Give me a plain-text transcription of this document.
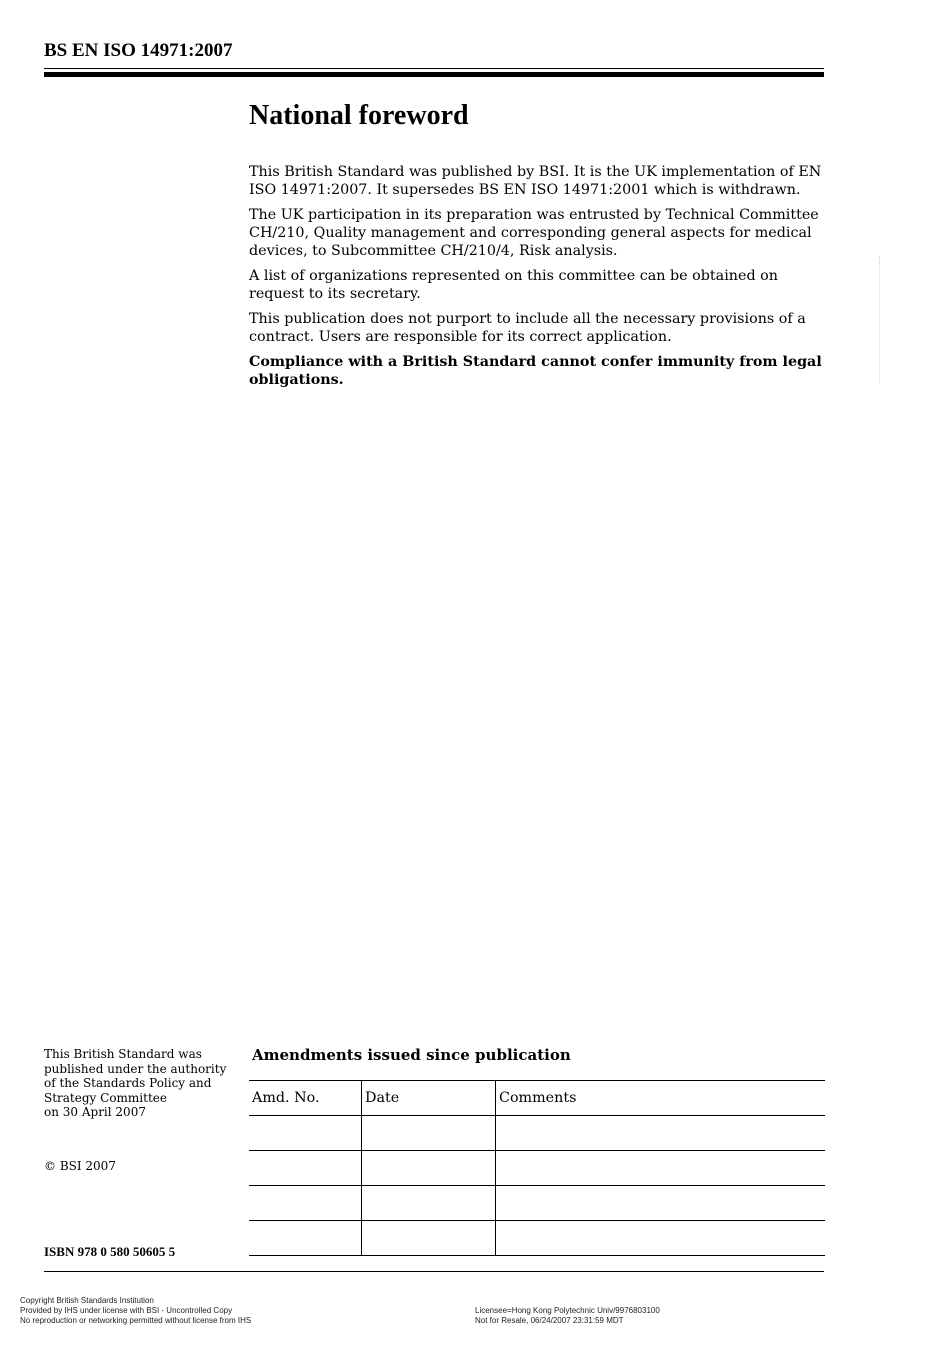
BS EN ISO 14971:2007
National foreword

This British Standard was published by BSI. It is the UK implementation of EN ISO 14971:2007. It supersedes BS EN ISO 14971:2001 which is withdrawn.

The UK participation in its preparation was entrusted by Technical Committee CH/210, Quality management and corresponding general aspects for medical devices, to Subcommittee CH/210/4, Risk analysis.

A list of organizations represented on this committee can be obtained on request to its secretary.

This publication does not purport to include all the necessary provisions of a contract. Users are responsible for its correct application.

Compliance with a British Standard cannot confer immunity from legal obligations.

This British Standard was
published under the authority
of the Standards Policy and
Strategy Committee
on 30 April 2007
© BSI 2007
ISBN 978 0 580 50605 5
Amendments issued since publication
Amd. No.	Date	Comments

Copyright British Standards Institution
Provided by IHS under license with BSI - Uncontrolled Copy
No reproduction or networking permitted without license from IHS
Licensee=Hong Kong Polytechnic Univ/9976803100
Not for Resale, 06/24/2007 23:31:59 MDT
